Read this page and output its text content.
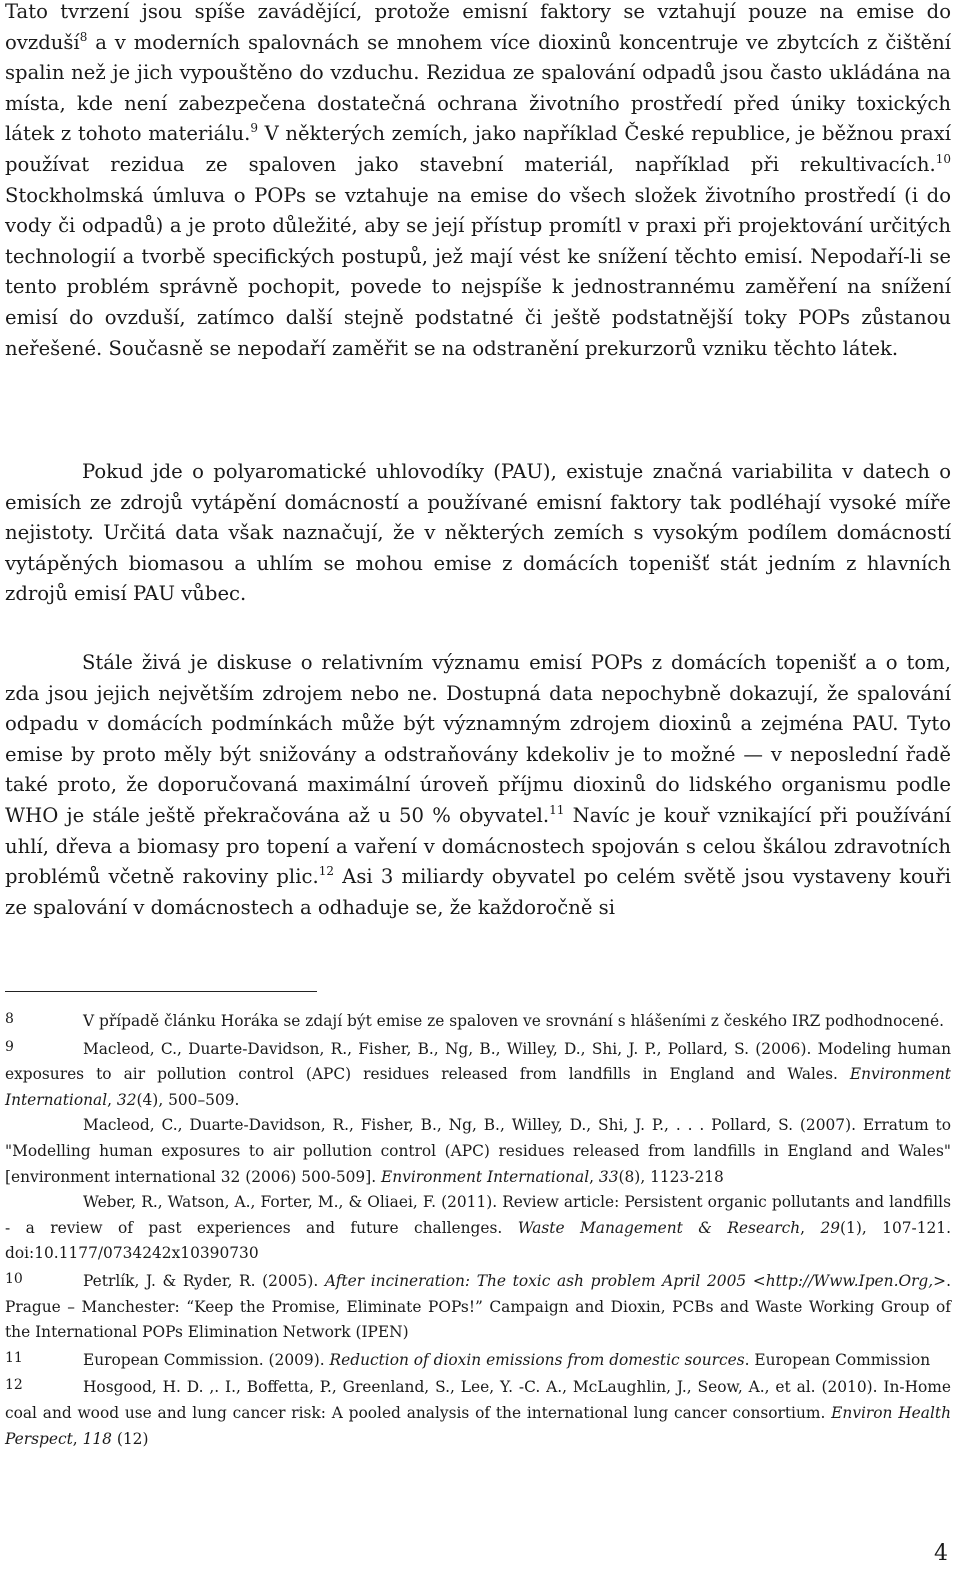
Tato tvrzení jsou spíše zavádějící, protože emisní faktory se vztahují pouze na emise do ovzduší$^8$ a v moderních spalovnách se mnohem více dioxinů koncentruje ve zbytcích z čištění spalin než je jich vypouštěno do vzduchu. Rezidua ze spalování odpadů jsou často ukládána na místa, kde není zabezpečena dostatečná ochrana životního prostředí před úniky toxických látek z tohoto materiálu.$^9$ V některých zemích, jako například České republice, je běžnou praxí používat rezidua ze spaloven jako stavební materiál, například při rekultivacích.$^{10}$ Stockholmská úmluva o POPs se vztahuje na emise do všech složek životního prostředí (i do vody či odpadů) a je proto důležité, aby se její přístup promítl v praxi při projektování určitých technologií a tvorbě specifických postupů, jež mají vést ke snížení těchto emisí. Nepodaří-li se tento problém správně pochopit, povede to nejspíše k jednostrannému zaměření na snížení emisí do ovzduší, zatímco další stejně podstatné či ještě podstatnější toky POPs zůstanou neřešené. Současně se nepodaří zaměřit se na odstranění prekurzorů vzniku těchto látek.

Pokud jde o polyaromatické uhlovodíky (PAU), existuje značná variabilita v datech o emisích ze zdrojů vytápění domácností a používané emisní faktory tak podléhají vysoké míře nejistoty. Určitá data však naznačují, že v některých zemích s vysokým podílem domácností vytápěných biomasou a uhlím se mohou emise z domácích topenišť stát jedním z hlavních zdrojů emisí PAU vůbec.

Stále živá je diskuse o relativním významu emisí POPs z domácích topenišť a o tom, zda jsou jejich největším zdrojem nebo ne. Dostupná data nepochybně dokazují, že spalování odpadu v domácích podmínkách může být významným zdrojem dioxinů a zejména PAU. Tyto emise by proto měly být snižovány a odstraňovány kdekoliv je to možné — v neposlední řadě také proto, že doporučovaná maximální úroveň příjmu dioxinů do lidského organismu podle WHO je stále ještě překračována až u 50 % obyvatel.$^{11}$ Navíc je kouř vznikající při používání uhlí, dřeva a biomasy pro topení a vaření v domácnostech spojován s celou škálou zdravotních problémů včetně rakoviny plic.$^{12}$ Asi 3 miliardy obyvatel po celém světě jsou vystaveny kouři ze spalování v domácnostech a odhaduje se, že každoročně si

8	V případě článku Horáka se zdají být emise ze spaloven ve srovnání s hlášeními z českého IRZ podhodnocené.

9	Macleod, C., Duarte-Davidson, R., Fisher, B., Ng, B., Willey, D., Shi, J. P., Pollard, S. (2006). Modeling human exposures to air pollution control (APC) residues released from landfills in England and Wales. Environment International, 32(4), 500–509.

Macleod, C., Duarte-Davidson, R., Fisher, B., Ng, B., Willey, D., Shi, J. P., . . . Pollard, S. (2007). Erratum to "Modelling human exposures to air pollution control (APC) residues released from landfills in England and Wales" [environment international 32 (2006) 500-509]. Environment International, 33(8), 1123-218

Weber, R., Watson, A., Forter, M., & Oliaei, F. (2011). Review article: Persistent organic pollutants and landfills - a review of past experiences and future challenges. Waste Management & Research, 29(1), 107-121. doi:10.1177/0734242x10390730

10	Petrlík, J. & Ryder, R. (2005). After incineration: The toxic ash problem April 2005 <http://Www.Ipen.Org,>. Prague – Manchester: “Keep the Promise, Eliminate POPs!” Campaign and Dioxin, PCBs and Waste Working Group of the International POPs Elimination Network (IPEN)

11	European Commission. (2009). Reduction of dioxin emissions from domestic sources. European Commission

12	Hosgood, H. D. ,. I., Boffetta, P., Greenland, S., Lee, Y. -C. A., McLaughlin, J., Seow, A., et al. (2010). In-Home coal and wood use and lung cancer risk: A pooled analysis of the international lung cancer consortium. Environ Health Perspect, 118 (12)

4
